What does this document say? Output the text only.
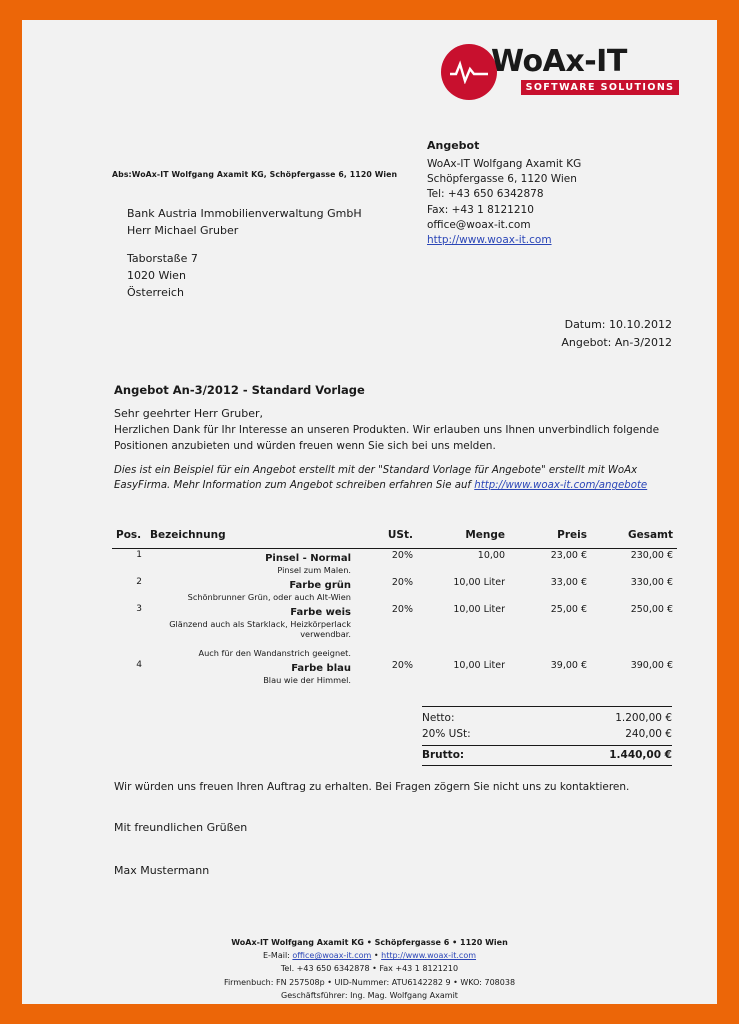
WoAx-IT
SOFTWARE SOLUTIONS
Angebot
WoAx-IT Wolfgang Axamit KG
Schöpfergasse 6, 1120 Wien
Tel: +43 650 6342878
Fax: +43 1 8121210
office@woax-it.com
http://www.woax-it.com
Abs:WoAx-IT Wolfgang Axamit KG, Schöpfergasse 6, 1120 Wien
Bank Austria Immobilienverwaltung GmbH
Herr Michael Gruber
Taborstaße 7
1020 Wien
Österreich
Datum: 10.10.2012
Angebot: An-3/2012
Angebot An-3/2012 - Standard Vorlage
Sehr geehrter Herr Gruber,
Herzlichen Dank für Ihr Interesse an unseren Produkten. Wir erlauben uns Ihnen unverbindlich folgende Positionen anzubieten und würden freuen wenn Sie sich bei uns melden.
Dies ist ein Beispiel für ein Angebot erstellt mit der "Standard Vorlage für Angebote" erstellt mit WoAx EasyFirma. Mehr Information zum Angebot schreiben erfahren Sie auf http://www.woax-it.com/angebote
Pos.	Bezeichnung	USt.	Menge	Preis	Gesamt
1	Pinsel - Normal
Pinsel zum Malen.	20%	10,00	23,00 €	230,00 €
2	Farbe grün
Schönbrunner Grün, oder auch Alt-Wien	20%	10,00 Liter	33,00 €	330,00 €
3	Farbe weis
Glänzend auch als Starklack, Heizkörperlack verwendbar.
Auch für den Wandanstrich geeignet.	20%	10,00 Liter	25,00 €	250,00 €
4	Farbe blau
Blau wie der Himmel.	20%	10,00 Liter	39,00 €	390,00 €
Netto:	1.200,00 €
20% USt:	240,00 €
Brutto:	1.440,00 €
Wir würden uns freuen Ihren Auftrag zu erhalten. Bei Fragen zögern Sie nicht uns zu kontaktieren.
Mit freundlichen Grüßen
Max Mustermann
WoAx-IT Wolfgang Axamit KG • Schöpfergasse 6 • 1120 Wien
E-Mail: office@woax-it.com • http://www.woax-it.com
Tel. +43 650 6342878 • Fax +43 1 8121210
Firmenbuch: FN 257508p • UID-Nummer: ATU6142282 9 • WKO: 708038
Geschäftsführer: Ing. Mag. Wolfgang Axamit
